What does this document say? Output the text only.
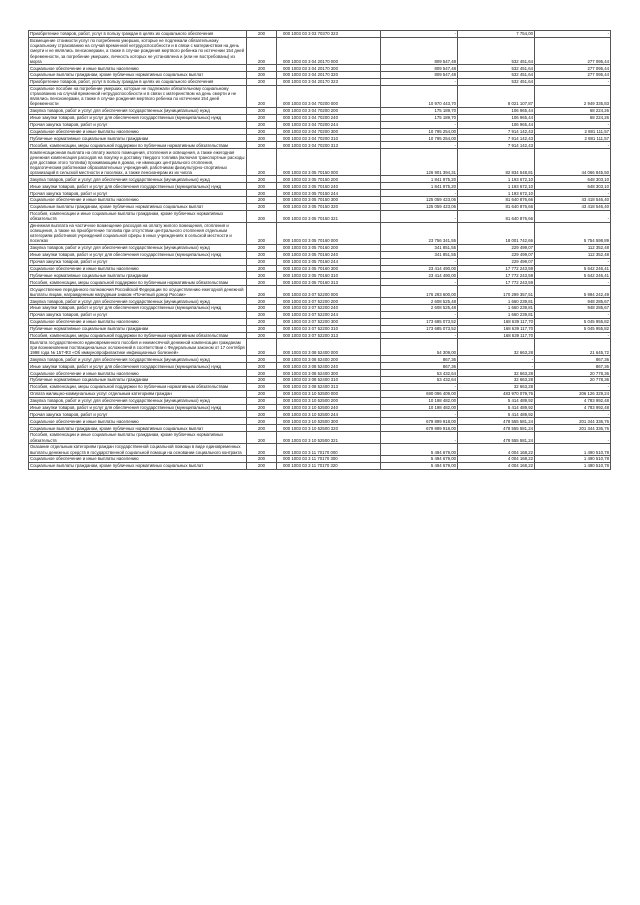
Приобретение товаров, работ, услуг в пользу граждан в целях их социального обеспечения	200	000 1003 03 3 03 70370 323	-	7 754,00	-
Возмещение стоимости услуг по погребению умерших, которые не подлежали обязательному социальному страхованию на случай временной нетрудоспособности и в связи с материнством на день смерти и не являлись пенсионерами, а также в случае рождения мертвого ребенка по истечении 154 дней беременности, за погребение умерших, личность которых не установлена и (или не востребованы) из морга	200	000 1003 03 3 04 20170 000	809 547,48	532 451,64	277 095,44
Социальное обеспечение и иные выплаты населению	200	000 1003 03 3 04 20170 300	809 547,48	532 451,64	277 095,44
Социальные выплаты гражданам, кроме публичных нормативных социальных выплат	200	000 1003 03 3 04 20170 320	809 547,48	532 451,64	277 095,44
Приобретение товаров, работ, услуг в пользу граждан в целях их социального обеспечения	200	000 1003 03 3 04 20170 323	-	532 451,64	-
Социальное пособие на погребение умерших, которые не подлежали обязательному социальному страхованию на случай временной нетрудоспособности и в связи с материнством на день смерти и не являлись пенсионерами, а также в случае рождения мертвого ребенка по истечении 154 дней беременности	200	000 1003 03 3 04 70200 000	10 970 443,70	8 021 107,87	2 949 335,83
Закупка товаров, работ и услуг для обеспечения государственных (муниципальных) нужд	200	000 1003 03 3 04 70200 200	175 189,70	106 965,44	68 224,26
Иные закупки товаров, работ и услуг для обеспечения государственных (муниципальных) нужд	200	000 1003 03 3 04 70200 240	175 189,70	106 965,44	68 224,26
Прочая закупка товаров, работ и услуг	200	000 1003 03 3 04 70200 244	-	106 965,44	-
Социальное обеспечение и иные выплаты населению	200	000 1003 03 3 04 70200 300	10 795 254,00	7 914 142,43	2 881 111,57
Публичные нормативные социальные выплаты гражданам	200	000 1003 03 3 04 70200 310	10 795 254,00	7 914 142,43	2 881 111,57
Пособия, компенсации, меры социальной поддержки по публичным нормативным обязательствам	200	000 1003 03 3 04 70200 313	-	7 914 142,43	-
Компенсационная выплата на оплату жилого помещения, отопления и освещения, а также ежегодная денежная компенсация расходов на покупку и доставку твердого топлива (включая транспортные расходы для доставки этого топлива) проживающим в домах, не имеющих центрального отопления, педагогическим работникам образовательных учреждений, работникам физкультурно-спортивных организаций в сельской местности и поселках, а также пенсионерам из их числа	200	000 1003 03 3 05 70150 000	126 901 394,31	82 834 548,81	44 066 845,50
Закупка товаров, работ и услуг для обеспечения государственных (муниципальных) нужд	200	000 1003 03 3 05 70150 200	1 841 975,20	1 193 672,10	648 303,10
Иные закупки товаров, работ и услуг для обеспечения государственных (муниципальных) нужд	200	000 1003 03 3 05 70150 240	1 841 975,20	1 193 672,10	648 303,10
Прочая закупка товаров, работ и услуг	200	000 1003 03 3 05 70150 244	-	1 193 672,10	-
Социальное обеспечение и иные выплаты населению	200	000 1003 03 3 05 70150 300	125 059 423,06	81 640 876,66	43 418 546,40
Социальные выплаты гражданам, кроме публичных нормативных социальных выплат	200	000 1003 03 3 05 70150 320	125 059 423,06	81 640 876,66	43 418 546,40
Пособия, компенсации и иные социальные выплаты гражданам, кроме публичных нормативных обязательств	200	000 1003 03 3 05 70150 321	-	81 640 876,66	-
Денежная выплата на частичное возмещение расходов на оплату жилого помещения, отопления и освещения, а также на приобретение топлива при отсутствии центрального отопления отдельным категориям работников учреждений социальной сферы в иных учреждениях в сельской местности и поселках	200	000 1003 03 3 05 70160 000	23 756 341,55	18 001 742,66	5 754 598,89
Закупка товаров, работ и услуг для обеспечения государственных (муниципальных) нужд	200	000 1003 03 3 05 70160 200	341 851,55	229 499,07	112 352,48
Иные закупки товаров, работ и услуг для обеспечения государственных (муниципальных) нужд	200	000 1003 03 3 05 70160 240	341 851,55	229 499,07	112 352,48
Прочая закупка товаров, работ и услуг	200	000 1003 03 3 05 70160 244	-	229 499,07	-
Социальное обеспечение и иные выплаты населению	200	000 1003 03 3 05 70160 300	23 414 490,00	17 772 243,59	5 642 246,41
Публичные нормативные социальные выплаты гражданам	200	000 1003 03 3 05 70160 310	23 414 490,00	17 772 243,59	5 642 246,41
Пособия, компенсации, меры социальной поддержки по публичным нормативным обязательствам	200	000 1003 03 3 05 70160 313	-	17 772 243,59	-
Осуществление переданного полномочия Российской Федерации по осуществлению ежегодной денежной выплаты лицам, награжденным нагрудным знаком «Почетный донор России»	200	000 1003 03 3 07 52200 000	176 293 600,00	170 299 357,51	5 994 242,49
Закупка товаров, работ и услуг для обеспечения государственных (муниципальных) нужд	200	000 1003 03 3 07 52200 200	2 608 525,48	1 660 239,81	948 285,67
Иные закупки товаров, работ и услуг для обеспечения государственных (муниципальных) нужд	200	000 1003 03 3 07 52200 240	2 608 525,48	1 660 239,81	948 285,67
Прочая закупка товаров, работ и услуг	200	000 1003 03 3 07 52200 244	-	1 660 239,81	-
Социальное обеспечение и иные выплаты населению	200	000 1003 03 3 07 52200 300	173 685 073,52	168 639 117,70	5 045 955,82
Публичные нормативные социальные выплаты гражданам	200	000 1003 03 3 07 52200 310	173 685 073,52	168 639 117,70	5 045 955,82
Пособия, компенсации, меры социальной поддержки по публичным нормативным обязательствам	200	000 1003 03 3 07 52200 313	-	168 639 117,70	-
Выплата государственного единовременного пособия и ежемесячной денежной компенсации гражданам при возникновении поствакцинальных осложнений в соответствии с Федеральным законом от 17 сентября 1998 года № 157-ФЗ «Об иммунопрофилактике инфекционных болезней»	200	000 1003 03 3 08 52400 000	54 309,00	32 663,28	21 645,72
Закупка товаров, работ и услуг для обеспечения государственных (муниципальных) нужд	200	000 1003 03 3 08 52400 200	867,36	-	867,36
Иные закупки товаров, работ и услуг для обеспечения государственных (муниципальных) нужд	200	000 1003 03 3 08 52400 240	867,36	-	867,36
Социальное обеспечение и иные выплаты населению	200	000 1003 03 3 08 52400 300	53 432,64	32 663,28	20 778,36
Публичные нормативные социальные выплаты гражданам	200	000 1003 03 3 08 52400 310	53 432,64	32 663,28	20 778,36
Пособия, компенсации, меры социальной поддержки по публичным нормативным обязательствам	200	000 1003 03 3 08 52400 313	-	32 663,28	-
Оплата жилищно-коммунальных услуг отдельным категориям граждан	200	000 1003 03 3 10 52500 000	690 096 409,00	483 970 079,76	206 126 329,24
Закупка товаров, работ и услуг для обеспечения государственных (муниципальных) нужд	200	000 1003 03 3 10 52500 200	10 198 482,00	5 414 489,92	4 783 992,48
Иные закупки товаров, работ и услуг для обеспечения государственных (муниципальных) нужд	200	000 1003 03 3 10 52500 240	10 198 482,00	5 414 489,92	4 783 992,48
Прочая закупка товаров, работ и услуг	200	000 1003 03 3 10 52500 244	-	5 414 489,92	-
Социальное обеспечение и иные выплаты населению	200	000 1003 03 3 10 52500 300	679 899 918,00	478 555 581,24	201 344 336,76
Социальные выплаты гражданам, кроме публичных нормативных социальных выплат	200	000 1003 03 3 10 52500 320	679 899 918,00	478 555 581,24	201 344 336,76
Пособия, компенсации и иные социальные выплаты гражданам, кроме публичных нормативных обязательств	200	000 1003 03 3 10 52500 321	-	478 555 581,24	-
Оказание отдельным категориям граждан государственной социальной помощи в виде единовременных выплаты денежных средств в государственной социальной помощи на основании социального контракта	200	000 1003 03 3 11 70170 000	5 494 679,00	4 004 168,22	1 490 510,78
Социальное обеспечение и иные выплаты населению	200	000 1003 03 3 11 70170 300	5 494 679,00	4 004 168,22	1 490 510,78
Социальные выплаты гражданам, кроме публичных нормативных социальных выплат	200	000 1003 03 3 11 70170 320	5 494 679,00	4 004 168,22	1 490 510,78
